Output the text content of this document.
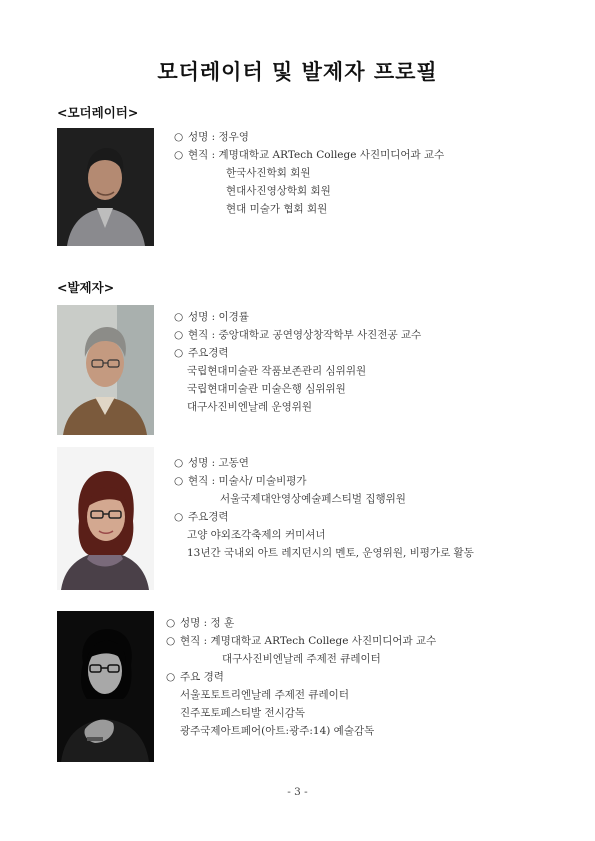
모더레이터 및 발제자 프로필
<모더레이터>
○ 성명 : 정우영
○ 현직 : 계명대학교 ARTech College 사진미디어과 교수
한국사진학회 회원
현대사진영상학회 회원
현대 미술가 협회 회원
<발제자>
○ 성명 : 이경률
○ 현직 : 중앙대학교 공연영상창작학부 사진전공 교수
○ 주요경력
국립현대미술관 작품보존관리 심위위원
국립현대미술관 미술은행 심위위원
대구사진비엔날레 운영위원
○ 성명 : 고동연
○ 현직 : 미술사/ 미술비평가
서울국제대안영상예술페스티벌 집행위원
○ 주요경력
고양 야외조각축제의 커미셔너
13년간 국내외 아트 레지던시의 멘토, 운영위원, 비평가로 활동
○ 성명 : 정 훈
○ 현직 : 계명대학교 ARTech College 사진미디어과 교수
대구사진비엔날레 주제전 큐레이터
○ 주요 경력
서울포토트리엔날레 주제전 큐레이터
진주포토페스티발 전시감독
광주국제아트페어(아트:광주:14) 예술감독
- 3 -
